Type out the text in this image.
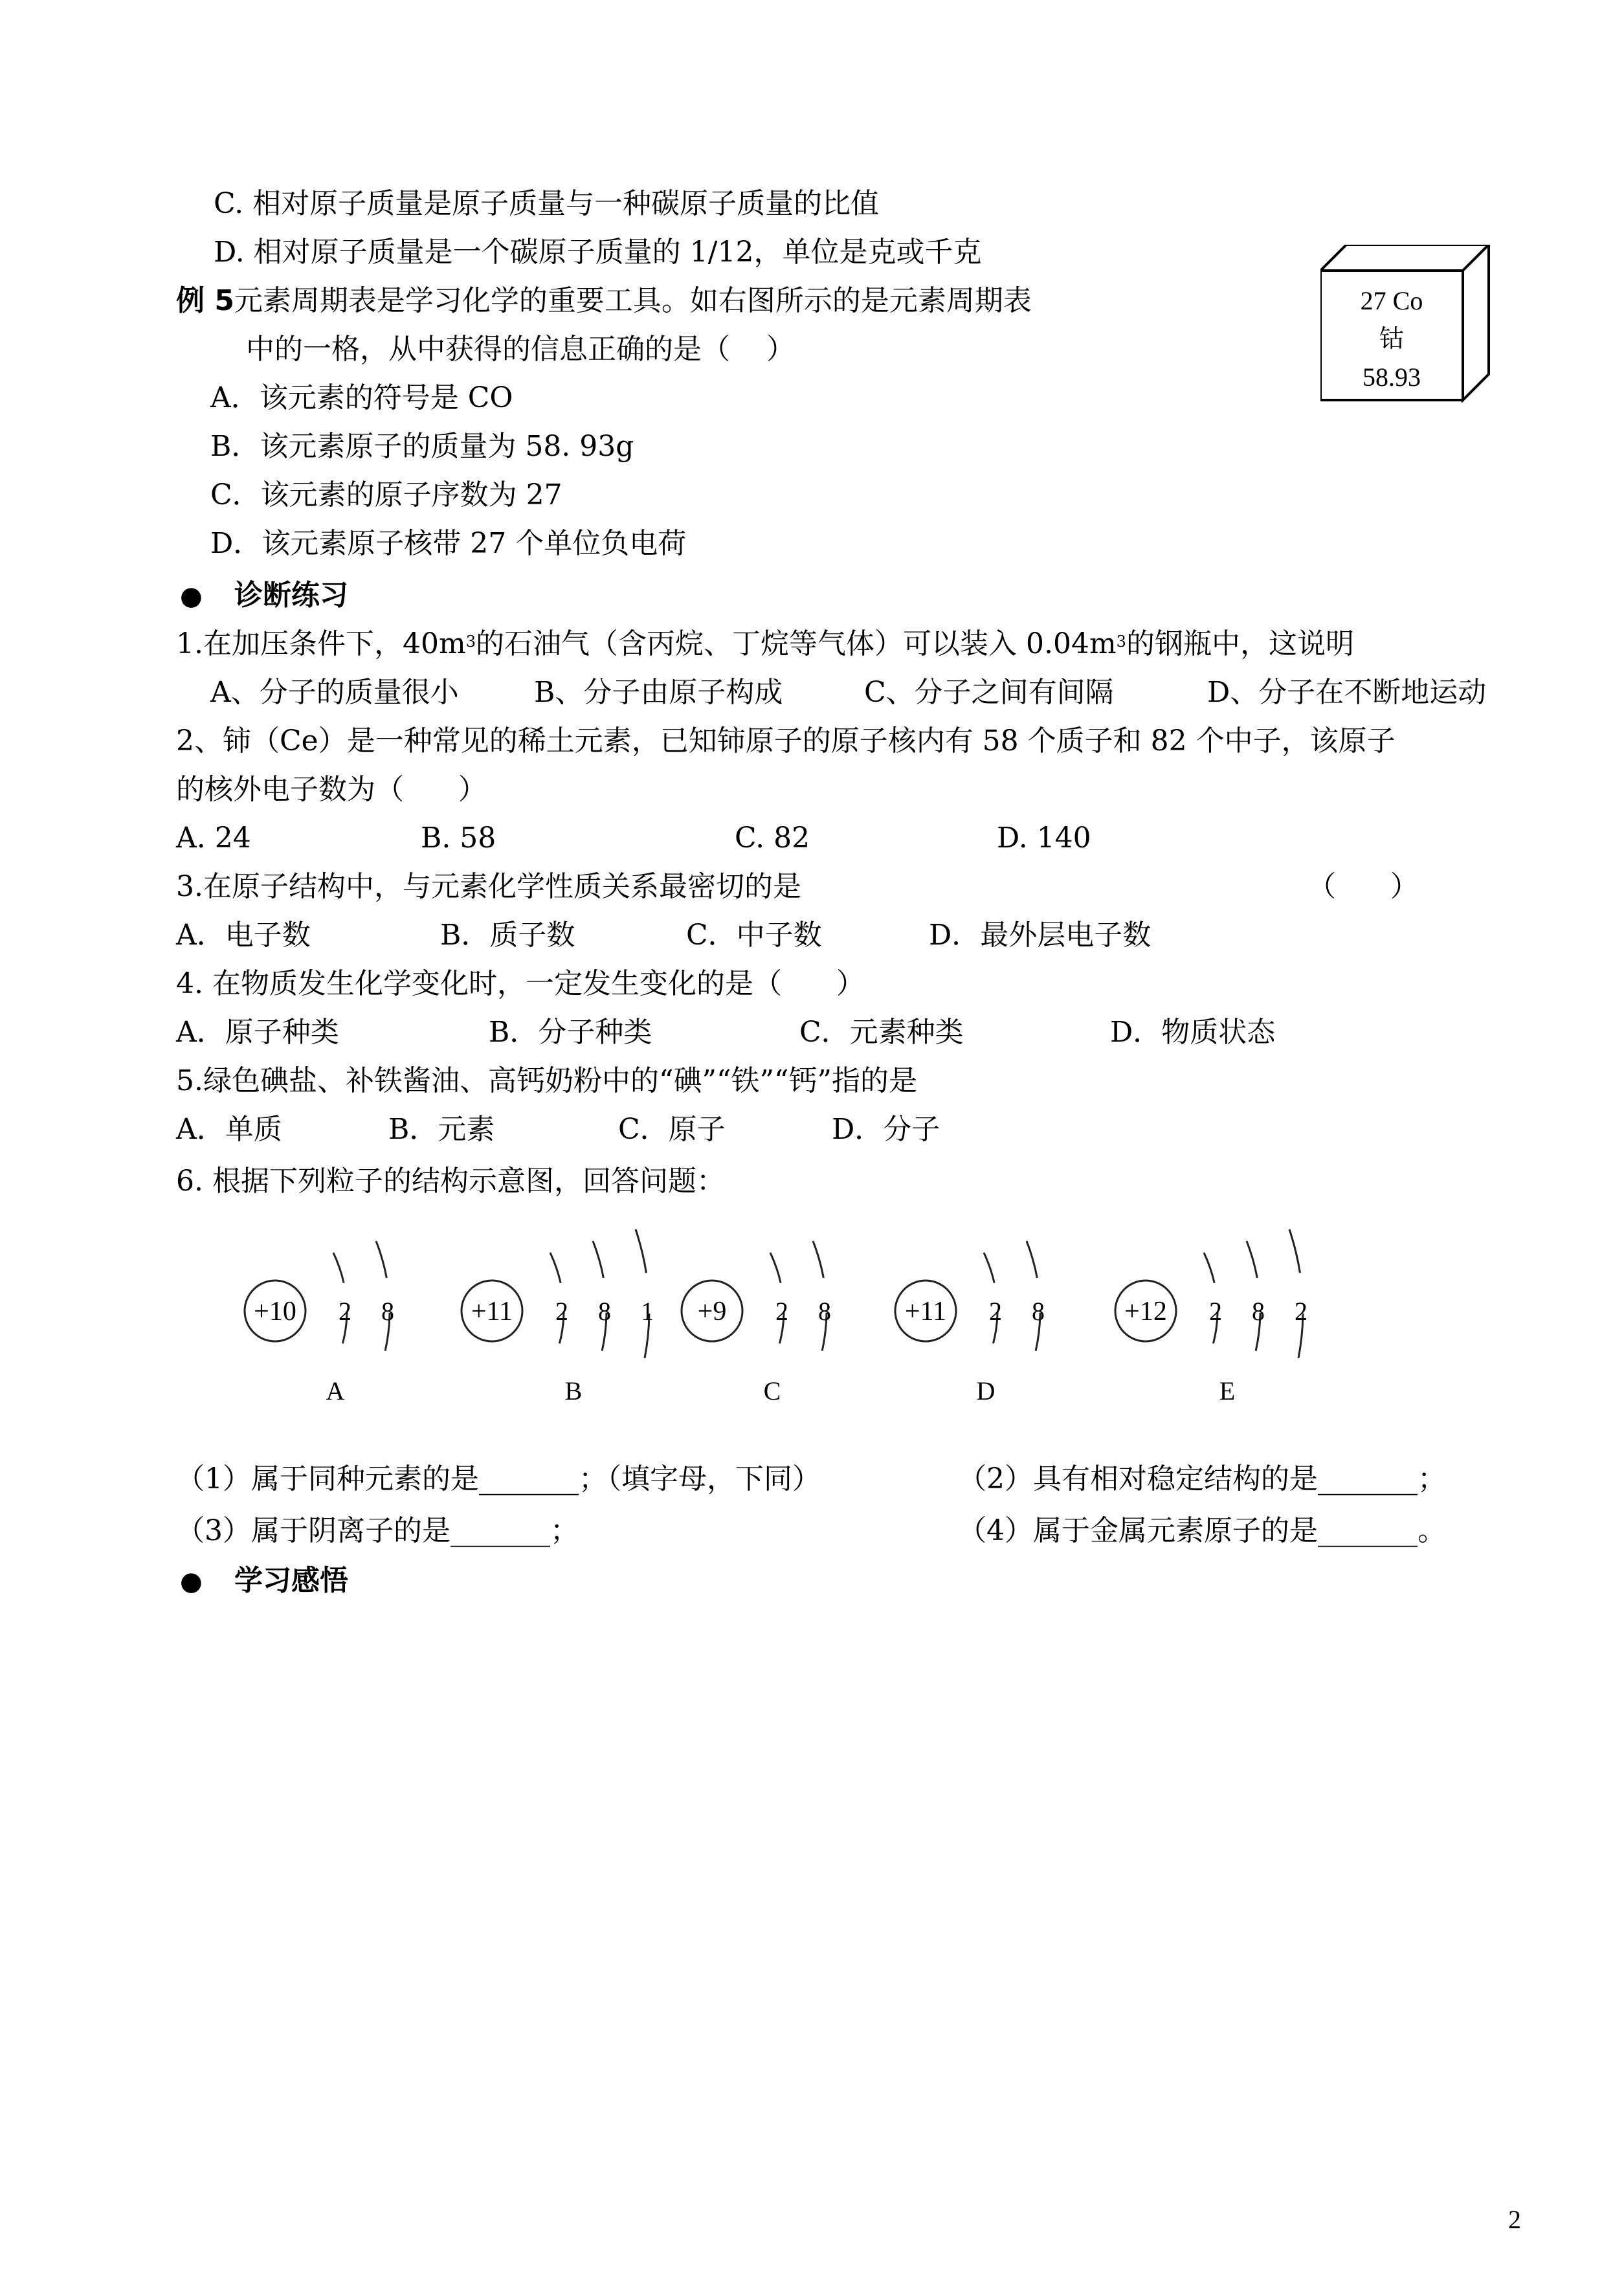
C. 相对原子质量是原子质量与一种碳原子质量的比值
D. 相对原子质量是一个碳原子质量的 1/12，单位是克或千克
例 5元素周期表是学习化学的重要工具。如右图所示的是元素周期表
中的一格，从中获得的信息正确的是（    ）
A．该元素的符号是 CO
B．该元素原子的质量为 58. 93g
C．该元素的原子序数为 27
D．该元素原子核带 27 个单位负电荷
27 Co
钴
58.93
● 诊断练习
1.在加压条件下，$40m^3$的石油气（含丙烷、丁烷等气体）可以装入 $0.04m^3$的钢瓶中，这说明
A、分子的质量很小	B、分子由原子构成	C、分子之间有间隔	D、分子在不断地运动
2、铈（Ce）是一种常见的稀土元素，已知铈原子的原子核内有 58 个质子和 82 个中子，该原子
的核外电子数为（      ）
A. 24	B. 58	C. 82	D. 140
3.在原子结构中，与元素化学性质关系最密切的是	（      ）
A．电子数	B．质子数	C．中子数	D．最外层电子数
4. 在物质发生化学变化时，一定发生变化的是（      ）
A．原子种类	B．分子种类	C．元素种类	D．物质状态
5.绿色碘盐、补铁酱油、高钙奶粉中的“碘”“铁”“钙”指的是
A．单质	B．元素	C．原子	D．分子
6. 根据下列粒子的结构示意图，回答问题：
+10 2 8
A
+11 2 8 1
B
+9 2 8
C
+11 2 8
D
+12 2 8 2
E
（1）属于同种元素的是_______；（填字母，下同）	（2）具有相对稳定结构的是_______；
（3）属于阴离子的是_______；	（4）属于金属元素原子的是_______。
● 学习感悟
2
